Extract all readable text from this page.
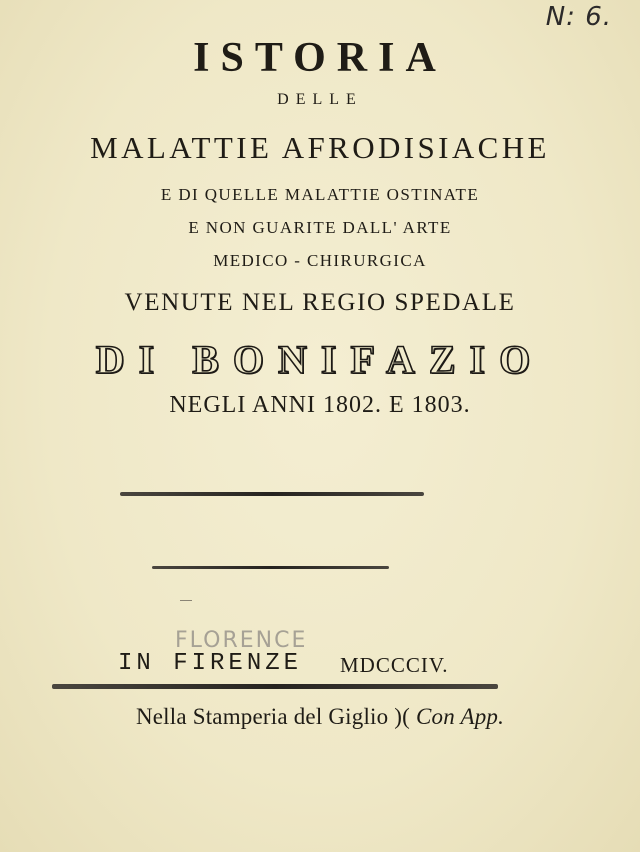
N: 6.
ISTORIA
DELLE
MALATTIE AFRODISIACHE
E DI QUELLE MALATTIE OSTINATE
E NON GUARITE DALL' ARTE
MEDICO - CHIRURGICA
VENUTE NEL REGIO SPEDALE
DI BONIFAZIO
NEGLI ANNI 1802. E 1803.
FLORENCE
IN FIRENZE MDCCCIV.
Nella Stamperia del Giglio )( Con App.
